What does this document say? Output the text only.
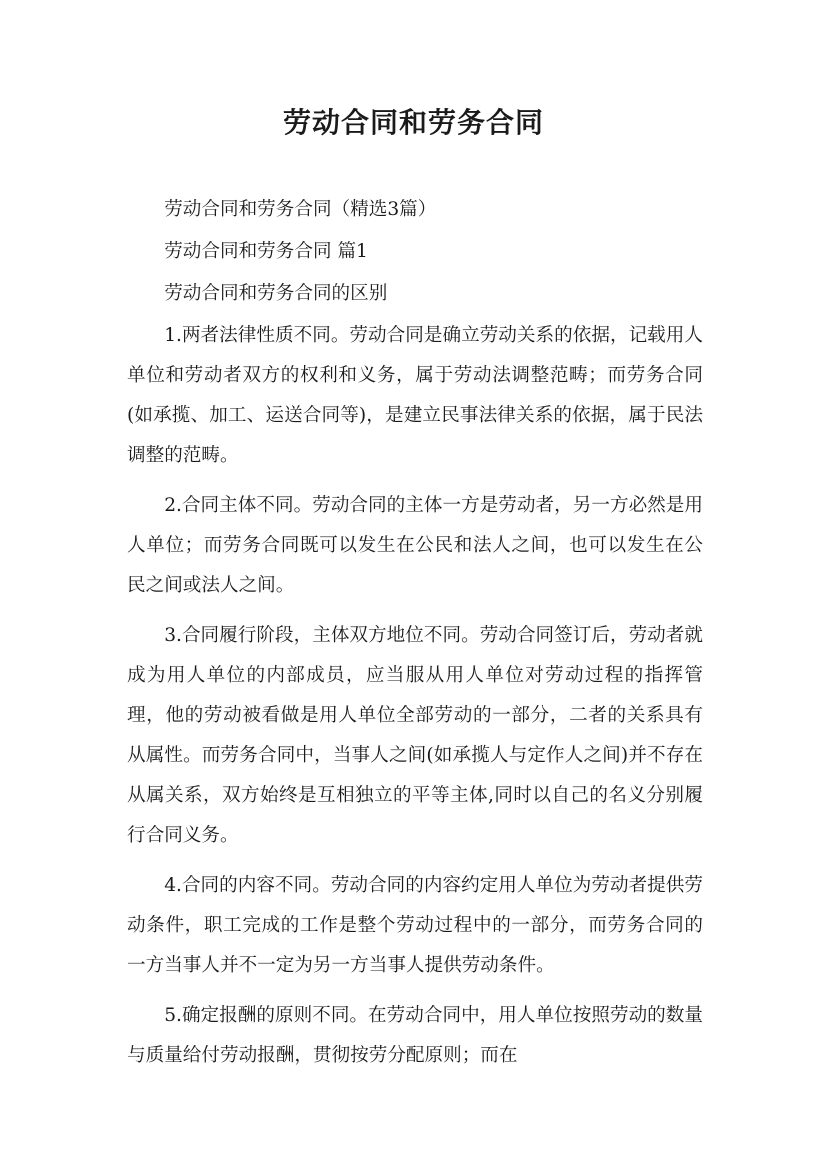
劳动合同和劳务合同

劳动合同和劳务合同（精选3篇）

劳动合同和劳务合同 篇1

劳动合同和劳务合同的区别

1.两者法律性质不同。劳动合同是确立劳动关系的依据，记载用人单位和劳动者双方的权利和义务，属于劳动法调整范畴；而劳务合同(如承揽、加工、运送合同等)，是建立民事法律关系的依据，属于民法调整的范畴。

2.合同主体不同。劳动合同的主体一方是劳动者，另一方必然是用人单位；而劳务合同既可以发生在公民和法人之间，也可以发生在公民之间或法人之间。

3.合同履行阶段，主体双方地位不同。劳动合同签订后，劳动者就成为用人单位的内部成员，应当服从用人单位对劳动过程的指挥管理，他的劳动被看做是用人单位全部劳动的一部分，二者的关系具有从属性。而劳务合同中，当事人之间(如承揽人与定作人之间)并不存在从属关系，双方始终是互相独立的平等主体,同时以自己的名义分别履行合同义务。

4.合同的内容不同。劳动合同的内容约定用人单位为劳动者提供劳动条件，职工完成的工作是整个劳动过程中的一部分，而劳务合同的一方当事人并不一定为另一方当事人提供劳动条件。

5.确定报酬的原则不同。在劳动合同中，用人单位按照劳动的数量与质量给付劳动报酬，贯彻按劳分配原则；而在
